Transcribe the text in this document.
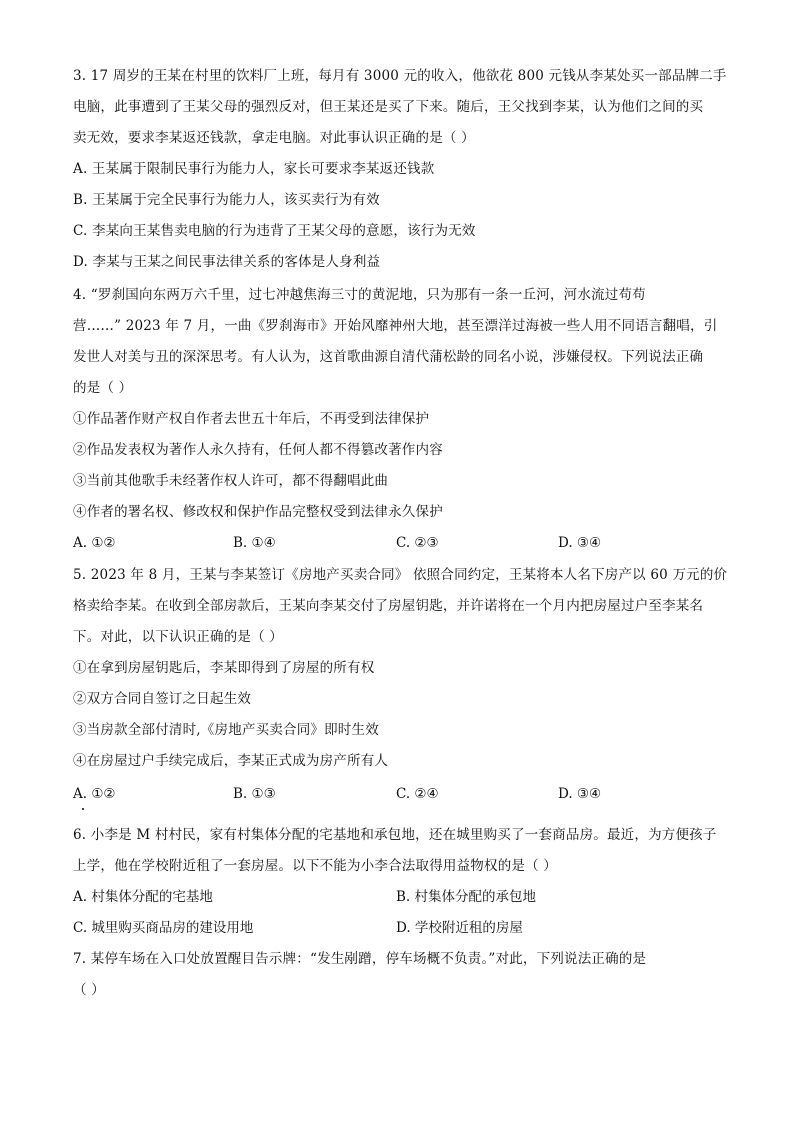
3. 17 周岁的王某在村里的饮料厂上班，每月有 3000 元的收入，他欲花 800 元钱从李某处买一部品牌二手
电脑，此事遭到了王某父母的强烈反对，但王某还是买了下来。随后，王父找到李某，认为他们之间的买
卖无效，要求李某返还钱款，拿走电脑。对此事认识正确的是（ ）
A. 王某属于限制民事行为能力人，家长可要求李某返还钱款
B. 王某属于完全民事行为能力人，该买卖行为有效
C. 李某向王某售卖电脑的行为违背了王某父母的意愿，该行为无效
D. 李某与王某之间民事法律关系的客体是人身利益
4. “罗刹国向东两万六千里，过七冲越焦海三寸的黄泥地，只为那有一条一丘河，河水流过苟苟
营……” 2023 年 7 月，一曲《罗刹海市》开始风靡神州大地，甚至漂洋过海被一些人用不同语言翻唱，引
发世人对美与丑的深深思考。有人认为，这首歌曲源自清代蒲松龄的同名小说，涉嫌侵权。下列说法正确
的是（ ）
①作品著作财产权自作者去世五十年后，不再受到法律保护
②作品发表权为著作人永久持有，任何人都不得篡改著作内容
③当前其他歌手未经著作权人许可，都不得翻唱此曲
④作者的署名权、修改权和保护作品完整权受到法律永久保护
A. ①②	B. ①④	C. ②③	D. ③④
5. 2023 年 8 月，王某与李某签订《房地产买卖合同》 依照合同约定，王某将本人名下房产以 60 万元的价
格卖给李某。在收到全部房款后，王某向李某交付了房屋钥匙，并许诺将在一个月内把房屋过户至李某名
下。对此，以下认识正确的是（ ）
①在拿到房屋钥匙后，李某即得到了房屋的所有权
②双方合同自签订之日起生效
③当房款全部付清时,《房地产买卖合同》即时生效
④在房屋过户手续完成后，李某正式成为房产所有人
A. ①②	B. ①③	C. ②④	D. ③④
6. 小李是 M 村村民，家有村集体分配的宅基地和承包地，还在城里购买了一套商品房。最近，为方便孩子
上学，他在学校附近租了一套房屋。以下不能为小李合法取得用益物权的是（ ）
A. 村集体分配的宅基地	B. 村集体分配的承包地
C. 城里购买商品房的建设用地	D. 学校附近租的房屋
7. 某停车场在入口处放置醒目告示牌：“发生剐蹭，停车场概不负责。”对此，下列说法正确的是
（ ）
